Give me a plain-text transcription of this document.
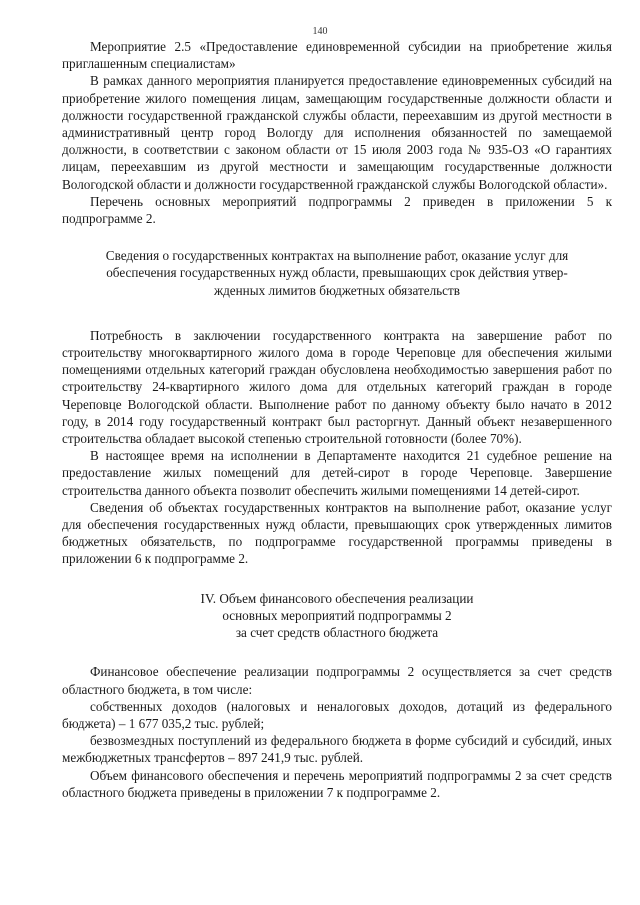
140

Мероприятие 2.5 «Предоставление единовременной субсидии на приобретение жилья приглашенным специалистам»

В рамках данного мероприятия планируется предоставление единовременных субсидий на приобретение жилого помещения лицам, замещающим государственные должности области и должности государственной гражданской службы области, переехавшим из другой местности в административный центр город Вологду для исполнения обязанностей по замещаемой должности, в соответствии с законом области от 15 июля 2003 года № 935-ОЗ «О гарантиях лицам, переехавшим из другой местности и замещающим государственные должности Вологодской области и должности государственной гражданской службы Вологодской области».

Перечень основных мероприятий подпрограммы 2 приведен в приложении 5 к подпрограмме 2.

Сведения о государственных контрактах на выполнение работ, оказание услуг для
обеспечения государственных нужд области, превышающих срок действия утвер-
жденных лимитов бюджетных обязательств

Потребность в заключении государственного контракта на завершение работ по строительству многоквартирного жилого дома в городе Череповце для обеспечения жилыми помещениями отдельных категорий граждан обусловлена необходимостью завершения работ по строительству 24-квартирного жилого дома для отдельных категорий граждан в городе Череповце Вологодской области. Выполнение работ по данному объекту было начато в 2012 году, в 2014 году государственный контракт был расторгнут. Данный объект незавершенного строительства обладает высокой степенью строительной готовности (более 70%).

В настоящее время на исполнении в Департаменте находится 21 судебное решение на предоставление жилых помещений для детей-сирот в городе Череповце. Завершение строительства данного объекта позволит обеспечить жилыми помещениями 14 детей-сирот.

Сведения об объектах государственных контрактов на выполнение работ, оказание услуг для обеспечения государственных нужд области, превышающих срок утвержденных лимитов бюджетных обязательств, по подпрограмме государственной программы приведены в приложении 6 к подпрограмме 2.

IV. Объем финансового обеспечения реализации
основных мероприятий подпрограммы 2
за счет средств областного бюджета

Финансовое обеспечение реализации подпрограммы 2 осуществляется за счет средств областного бюджета, в том числе:

собственных доходов (налоговых и неналоговых доходов, дотаций из федерального бюджета) – 1 677 035,2 тыс. рублей;

безвозмездных поступлений из федерального бюджета в форме субсидий и субсидий, иных межбюджетных трансфертов – 897 241,9 тыс. рублей.

Объем финансового обеспечения и перечень мероприятий подпрограммы 2 за счет средств областного бюджета приведены в приложении 7 к подпрограмме 2.
